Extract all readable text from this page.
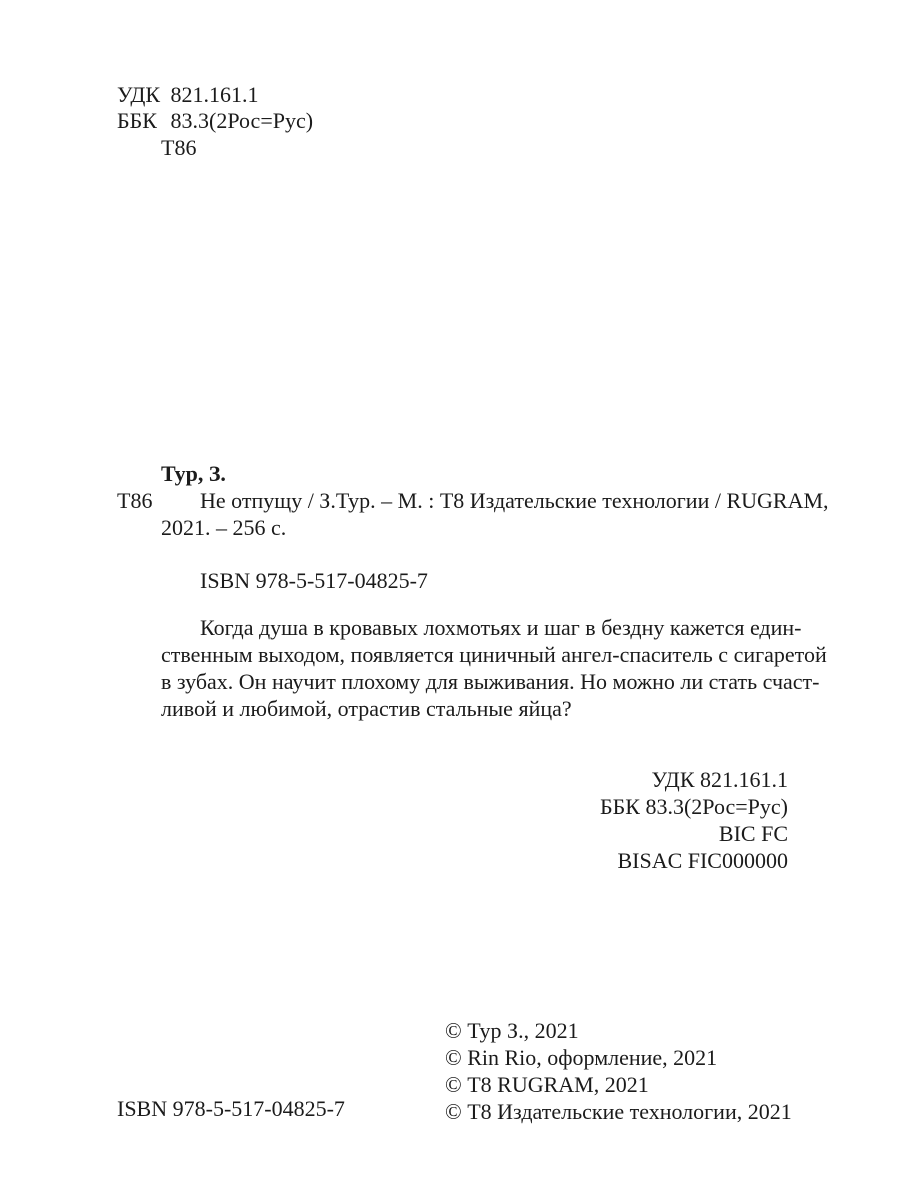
УДК 821.161.1
ББК 83.3(2Рос=Рус)
Т86
Тур, З.
Т86 Не отпущу / З.Тур. – М. : Т8 Издательские технологии / RUGRAM,
2021. – 256 с.
ISBN 978-5-517-04825-7
Когда душа в кровавых лохмотьях и шаг в бездну кажется един-
ственным выходом, появляется циничный ангел-спаситель с сигаретой
в зубах. Он научит плохому для выживания. Но можно ли стать счаст-
ливой и любимой, отрастив стальные яйца?
УДК 821.161.1
ББК 83.3(2Рос=Рус)
BIC FC
BISAC FIC000000
© Тур З., 2021
© Rin Rio, оформление, 2021
© Т8 RUGRAM, 2021
© Т8 Издательские технологии, 2021
ISBN 978-5-517-04825-7
